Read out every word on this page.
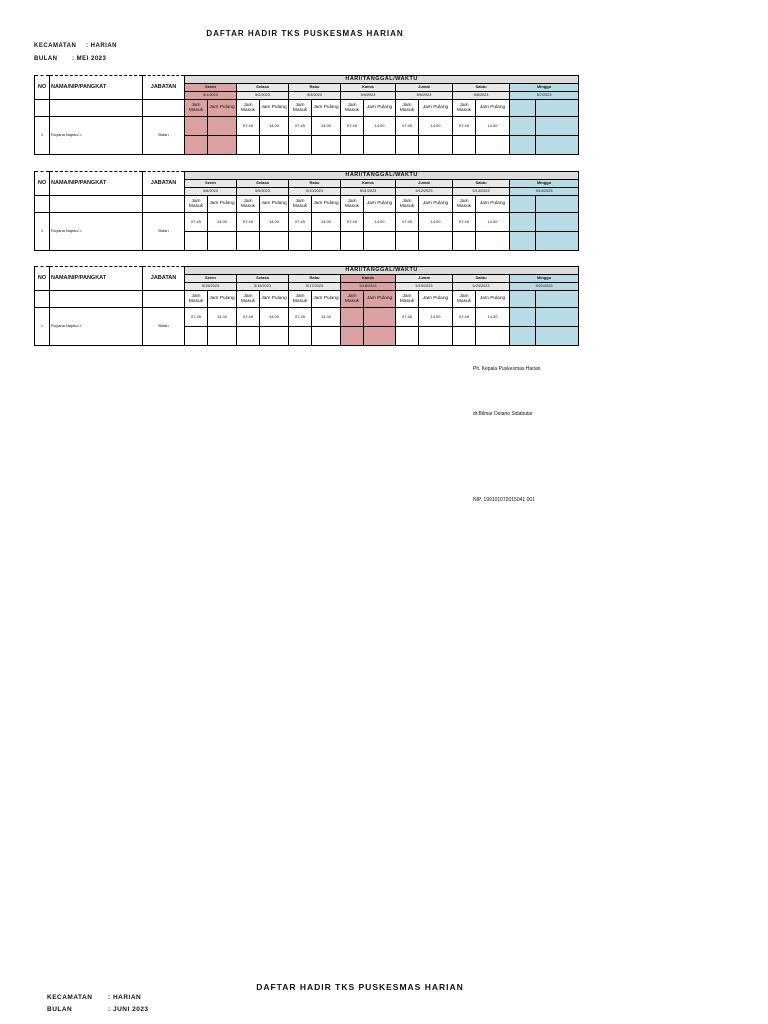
DAFTAR HADIR TKS PUSKESMAS HARIAN
KECAMATAN : HARIAN
BULAN : MEI 2023
NO	NAMA/NIP/PANGKAT	JABATAN	HARI/TANGGAL/WAKTU													
			Senin		Selasa		Rabu		Kamis		Jumat		Sabtu		Minggu	
			5/1/2023		5/2/2023		5/3/2023		5/4/2023		5/5/2023		5/6/2023		5/7/2023	
			Jam Masuk	Jam Pulang	Jam Masuk	Jam Pulang	Jam Masuk	Jam Pulang	Jam Masuk	Jam Pulang	Jam Masuk	Jam Pulang	Jam Masuk	Jam Pulang		
1	Royana Napitu/-/-	Bidan			07.45	14.00	07.45	14.00	07.45	14.00	07.45	14.00	07.45	14.00		

NO	NAMA/NIP/PANGKAT	JABATAN	HARI/TANGGAL/WAKTU													
			Senin		Selasa		Rabu		Kamis		Jumat		Sabtu		Minggu	
			5/8/2023		5/9/2023		5/10/2023		5/11/2023		5/12/2023		5/13/2023		5/14/2023	
			Jam Masuk	Jam Pulang	Jam Masuk	Jam Pulang	Jam Masuk	Jam Pulang	Jam Masuk	Jam Pulang	Jam Masuk	Jam Pulang	Jam Masuk	Jam Pulang		
1	Royana Napitu/-/-	Bidan	07.45	14.00	07.45	14.00	07.45	14.00	07.45	14.00	07.45	14.00	07.45	14.00		

NO	NAMA/NIP/PANGKAT	JABATAN	HARI/TANGGAL/WAKTU													
			Senin		Selasa		Rabu		Kamis		Jumat		Sabtu		Minggu	
			5/15/2023		5/16/2023		5/17/2023		5/18/2023		5/19/2023		5/20/2023		5/21/2023	
			Jam Masuk	Jam Pulang	Jam Masuk	Jam Pulang	Jam Masuk	Jam Pulang	Jam Masuk	Jam Pulang	Jam Masuk	Jam Pulang	Jam Masuk	Jam Pulang		
1	Royana Napitu/-/-	Bidan	07.45	14.00	07.45	14.00	07.45	14.00			07.45	14.00	07.45	14.00		

Plt. Kepala Puskesmas Harian
dr.Bilmar Delano Sidabutar
NIP. 199101072015041 001
DAFTAR HADIR TKS PUSKESMAS HARIAN
KECAMATAN : HARIAN
BULAN	: JUNI 2023
